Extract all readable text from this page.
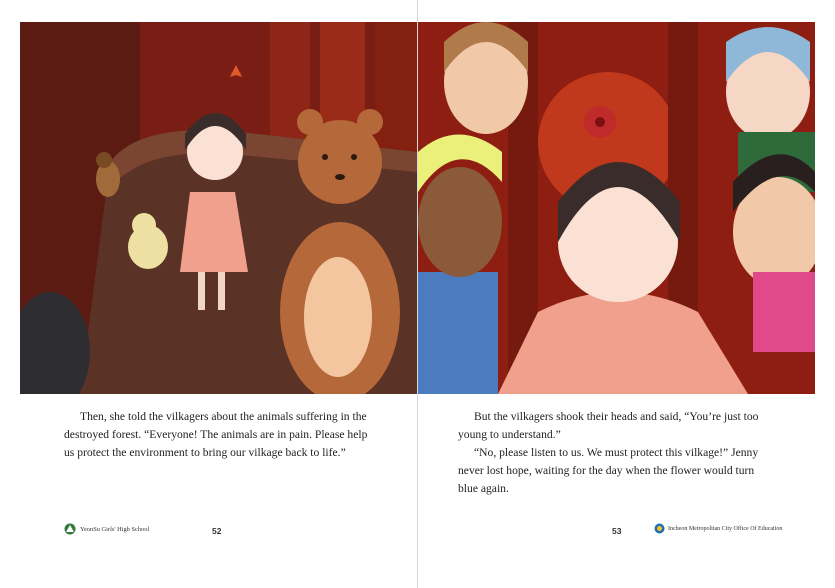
Then, she told the vilkagers about the animals suffering in the destroyed forest. “Everyone! The animals are in pain. Please help us protect the environment to bring our vilkage back to life.”

YeonSu Girls' High School	52

But the vilkagers shook their heads and said, “You’re just too young to understand.”

“No, please listen to us. We must protect this vilkage!” Jenny never lost hope, waiting for the day when the flower would turn blue again.

53	Incheon Metropolitan City Office Of Education
